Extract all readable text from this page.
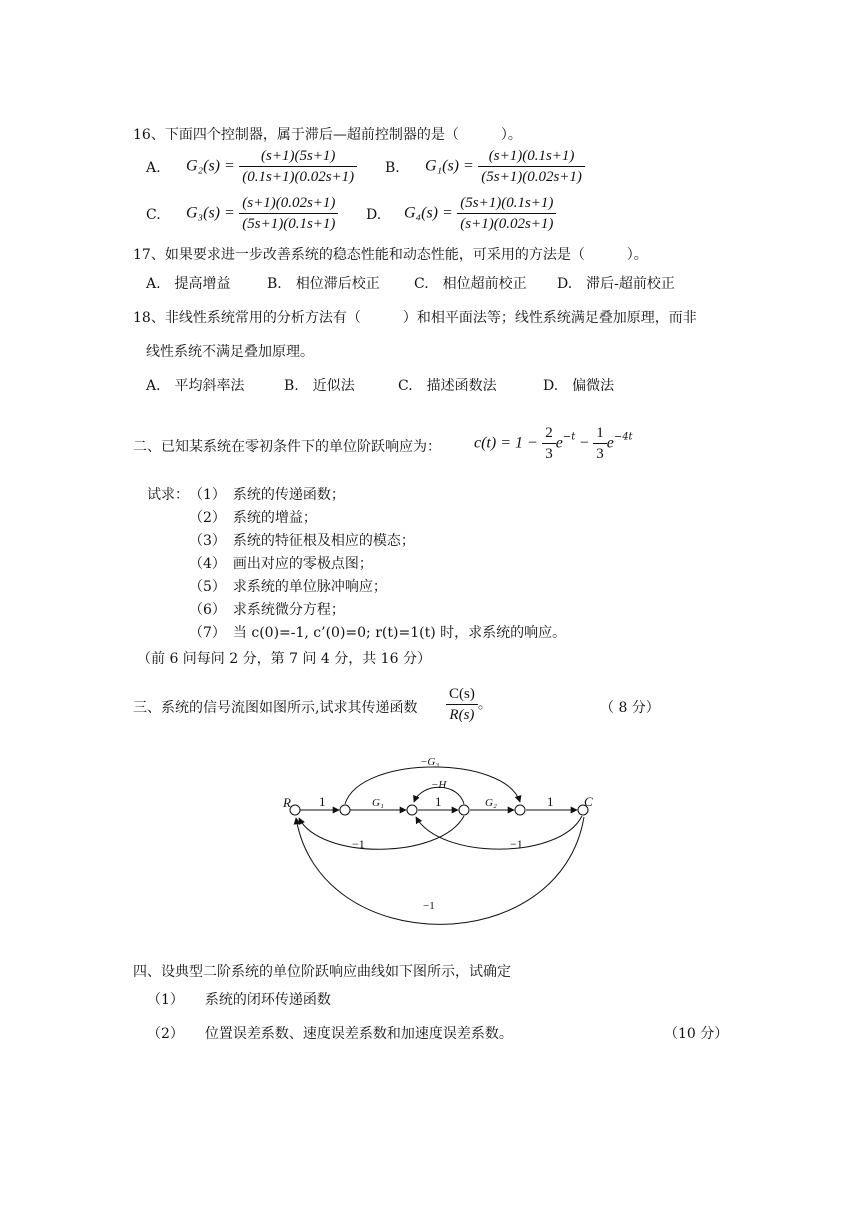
16、下面四个控制器，属于滞后—超前控制器的是（　　　）。
A. $G_2(s) = \frac{(s+1)(5s+1)}{(0.1s+1)(0.02s+1)} B$. $G_1(s) = \frac{(s+1)(0.1s+1)}{(5s+1)(0.02s+1)}$
C. $G_3(s) = \frac{(s+1)(0.02s+1)}{(5s+1)(0.1s+1)} D$. $G_4(s) = \frac{(5s+1)(0.1s+1)}{(s+1)(0.02s+1)}$
17、如果要求进一步改善系统的稳态性能和动态性能，可采用的方法是（　　　）。
A.　提高增益	B.　相位滞后校正 C.　相位超前校正 D.　滞后-超前校正
18、非线性系统常用的分析方法有（　　　）和相平面法等；线性系统满足叠加原理，而非
线性系统不满足叠加原理。
A.　平均斜率法	B.　近似法	C.　描述函数法	D.　偏微法
二、已知某系统在零初条件下的单位阶跃响应为： $c(t) = 1 - \frac{2}{3} e^{-t} - \frac{1}{3} e^{-4t}$
试求： （1）　系统的传递函数；
（2）　系统的增益；
（3）　系统的特征根及相应的模态；
（4）　画出对应的零极点图；
（5）　求系统的单位脉冲响应；
（6）　求系统微分方程；
（7）　当 c(0)=-1, c’(0)=0; r(t)=1(t) 时，求系统的响应。
（前 6 问每问 2 分，第 7 问 4 分，共 16 分）
三、系统的信号流图如图所示,试求其传递函数 $\frac{C(s)}{R(s)}$ 。	（ 8 分）
R	C
1	G₁	1	G₂	1
−G₃
−H
−1	−1
−1
四、设典型二阶系统的单位阶跃响应曲线如下图所示，试确定
（1）　　系统的闭环传递函数
（2）　　位置误差系数、速度误差系数和加速度误差系数。	（10 分）
